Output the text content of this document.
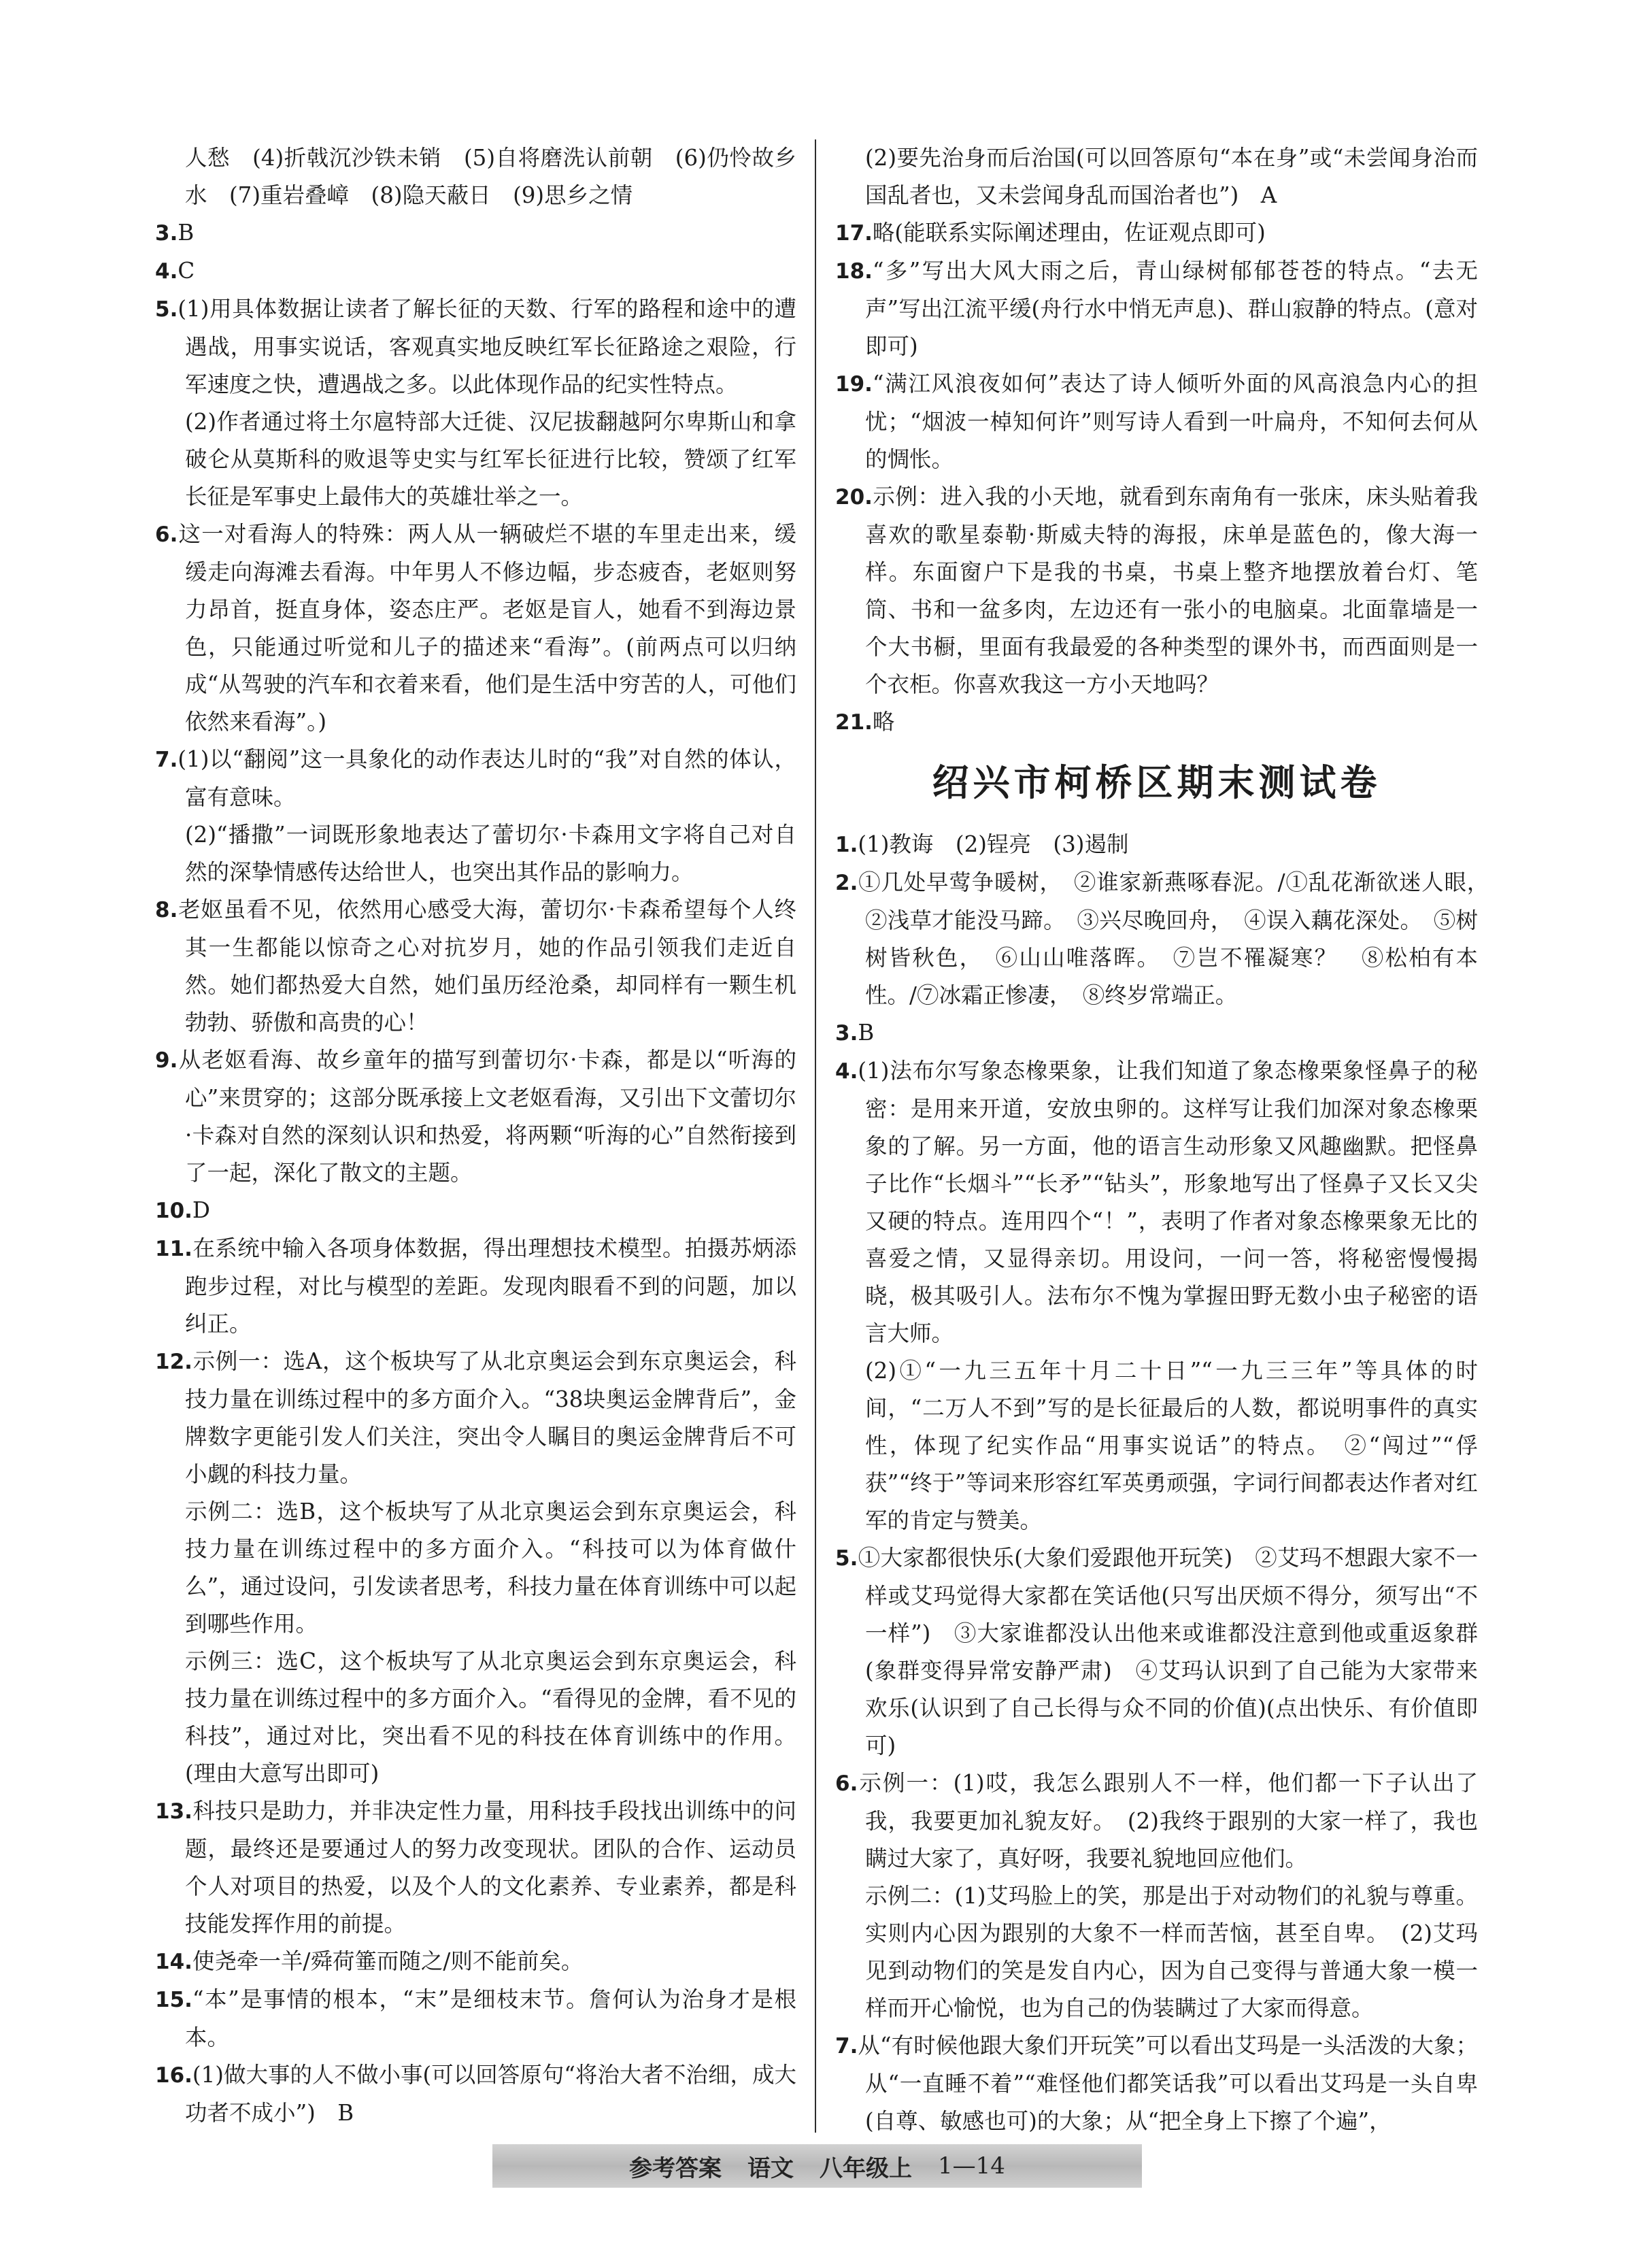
人愁　(4)折戟沉沙铁未销　(5)自将磨洗认前朝　(6)仍怜故乡水　(7)重岩叠嶂　(8)隐天蔽日　(9)思乡之情

3.B

4.C

5.(1)用具体数据让读者了解长征的天数、行军的路程和途中的遭遇战，用事实说话，客观真实地反映红军长征路途之艰险，行军速度之快，遭遇战之多。以此体现作品的纪实性特点。

(2)作者通过将土尔扈特部大迁徙、汉尼拔翻越阿尔卑斯山和拿破仑从莫斯科的败退等史实与红军长征进行比较，赞颂了红军长征是军事史上最伟大的英雄壮举之一。

6.这一对看海人的特殊：两人从一辆破烂不堪的车里走出来，缓缓走向海滩去看海。中年男人不修边幅，步态疲杳，老妪则努力昂首，挺直身体，姿态庄严。老妪是盲人，她看不到海边景色，只能通过听觉和儿子的描述来“看海”。(前两点可以归纳成“从驾驶的汽车和衣着来看，他们是生活中穷苦的人，可他们依然来看海”。)

7.(1)以“翻阅”这一具象化的动作表达儿时的“我”对自然的体认，富有意味。

(2)“播撒”一词既形象地表达了蕾切尔·卡森用文字将自己对自然的深挚情感传达给世人，也突出其作品的影响力。

8.老妪虽看不见，依然用心感受大海，蕾切尔·卡森希望每个人终其一生都能以惊奇之心对抗岁月，她的作品引领我们走近自然。她们都热爱大自然，她们虽历经沧桑，却同样有一颗生机勃勃、骄傲和高贵的心！

9.从老妪看海、故乡童年的描写到蕾切尔·卡森，都是以“听海的心”来贯穿的；这部分既承接上文老妪看海，又引出下文蕾切尔·卡森对自然的深刻认识和热爱，将两颗“听海的心”自然衔接到了一起，深化了散文的主题。

10.D

11.在系统中输入各项身体数据，得出理想技术模型。拍摄苏炳添跑步过程，对比与模型的差距。发现肉眼看不到的问题，加以纠正。

12.示例一：选A，这个板块写了从北京奥运会到东京奥运会，科技力量在训练过程中的多方面介入。“38块奥运金牌背后”，金牌数字更能引发人们关注，突出令人瞩目的奥运金牌背后不可小觑的科技力量。

示例二：选B，这个板块写了从北京奥运会到东京奥运会，科技力量在训练过程中的多方面介入。“科技可以为体育做什么”，通过设问，引发读者思考，科技力量在体育训练中可以起到哪些作用。

示例三：选C，这个板块写了从北京奥运会到东京奥运会，科技力量在训练过程中的多方面介入。“看得见的金牌，看不见的科技”，通过对比，突出看不见的科技在体育训练中的作用。(理由大意写出即可)

13.科技只是助力，并非决定性力量，用科技手段找出训练中的问题，最终还是要通过人的努力改变现状。团队的合作、运动员个人对项目的热爱，以及个人的文化素养、专业素养，都是科技能发挥作用的前提。

14.使尧牵一羊/舜荷箠而随之/则不能前矣。

15.“本”是事情的根本，“末”是细枝末节。詹何认为治身才是根本。

16.(1)做大事的人不做小事(可以回答原句“将治大者不治细，成大功者不成小”)　B

(2)要先治身而后治国(可以回答原句“本在身”或“未尝闻身治而国乱者也，又未尝闻身乱而国治者也”)　A

17.略(能联系实际阐述理由，佐证观点即可)

18.“多”写出大风大雨之后，青山绿树郁郁苍苍的特点。“去无声”写出江流平缓(舟行水中悄无声息)、群山寂静的特点。(意对即可)

19.“满江风浪夜如何”表达了诗人倾听外面的风高浪急内心的担忧；“烟波一棹知何许”则写诗人看到一叶扁舟，不知何去何从的惆怅。

20.示例：进入我的小天地，就看到东南角有一张床，床头贴着我喜欢的歌星泰勒·斯威夫特的海报，床单是蓝色的，像大海一样。东面窗户下是我的书桌，书桌上整齐地摆放着台灯、笔筒、书和一盆多肉，左边还有一张小的电脑桌。北面靠墙是一个大书橱，里面有我最爱的各种类型的课外书，而西面则是一个衣柜。你喜欢我这一方小天地吗？

21.略

绍兴市柯桥区期末测试卷

1.(1)教诲　(2)锃亮　(3)遏制

2.①几处早莺争暖树，　②谁家新燕啄春泥。/①乱花渐欲迷人眼，　②浅草才能没马蹄。　③兴尽晚回舟，　④误入藕花深处。　⑤树树皆秋色，　⑥山山唯落晖。　⑦岂不罹凝寒？　⑧松柏有本性。/⑦冰霜正惨凄，　⑧终岁常端正。

3.B

4.(1)法布尔写象态橡栗象，让我们知道了象态橡栗象怪鼻子的秘密：是用来开道，安放虫卵的。这样写让我们加深对象态橡栗象的了解。另一方面，他的语言生动形象又风趣幽默。把怪鼻子比作“长烟斗”“长矛”“钻头”，形象地写出了怪鼻子又长又尖又硬的特点。连用四个“！”，表明了作者对象态橡栗象无比的喜爱之情，又显得亲切。用设问，一问一答，将秘密慢慢揭晓，极其吸引人。法布尔不愧为掌握田野无数小虫子秘密的语言大师。

(2)①“一九三五年十月二十日”“一九三三年”等具体的时间，“二万人不到”写的是长征最后的人数，都说明事件的真实性，体现了纪实作品“用事实说话”的特点。　②“闯过”“俘获”“终于”等词来形容红军英勇顽强，字词行间都表达作者对红军的肯定与赞美。

5.①大家都很快乐(大象们爱跟他开玩笑)　②艾玛不想跟大家不一样或艾玛觉得大家都在笑话他(只写出厌烦不得分，须写出“不一样”)　③大家谁都没认出他来或谁都没注意到他或重返象群(象群变得异常安静严肃)　④艾玛认识到了自己能为大家带来欢乐(认识到了自己长得与众不同的价值)(点出快乐、有价值即可)

6.示例一：(1)哎，我怎么跟别人不一样，他们都一下子认出了我，我要更加礼貌友好。　(2)我终于跟别的大家一样了，我也瞒过大家了，真好呀，我要礼貌地回应他们。

示例二：(1)艾玛脸上的笑，那是出于对动物们的礼貌与尊重。实则内心因为跟别的大象不一样而苦恼，甚至自卑。　(2)艾玛见到动物们的笑是发自内心，因为自己变得与普通大象一模一样而开心愉悦，也为自己的伪装瞒过了大家而得意。

7.从“有时候他跟大象们开玩笑”可以看出艾玛是一头活泼的大象；从“一直睡不着”“难怪他们都笑话我”可以看出艾玛是一头自卑(自尊、敏感也可)的大象；从“把全身上下擦了个遍”，

参考答案 语文 八年级上 1—14
